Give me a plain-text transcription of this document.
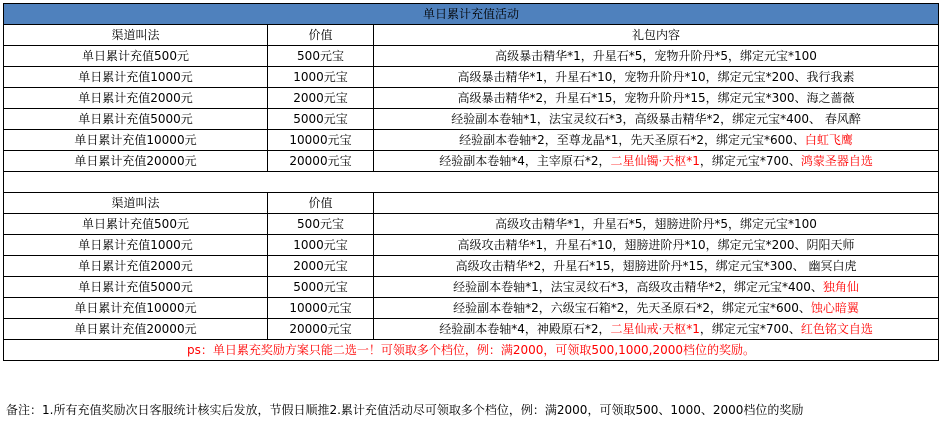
单日累计充值活动		
渠道叫法	价值	礼包内容
单日累计充值500元	500元宝	高级暴击精华*1，升星石*5，宠物升阶丹*5，绑定元宝*100
单日累计充值1000元	1000元宝	高级暴击精华*1，升星石*10，宠物升阶丹*10，绑定元宝*200、我行我素
单日累计充值2000元	2000元宝	高级暴击精华*2，升星石*15，宠物升阶丹*15，绑定元宝*300、海之蔷薇
单日累计充值5000元	5000元宝	经验副本卷轴*1，法宝灵纹石*3，高级暴击精华*2，绑定元宝*400、 春风醉
单日累计充值10000元	10000元宝	经验副本卷轴*2，至尊龙晶*1，先天圣原石*2，绑定元宝*600、白虹飞鹰
单日累计充值20000元	20000元宝	经验副本卷轴*4，主宰原石*2，二星仙镯·天枢*1，绑定元宝*700、鸿蒙圣器自选

渠道叫法	价值	
单日累计充值500元	500元宝	高级攻击精华*1，升星石*5，翅膀进阶丹*5，绑定元宝*100
单日累计充值1000元	1000元宝	高级攻击精华*1，升星石*10，翅膀进阶丹*10，绑定元宝*200、阴阳天师
单日累计充值2000元	2000元宝	高级攻击精华*2，升星石*15，翅膀进阶丹*15，绑定元宝*300、 幽冥白虎
单日累计充值5000元	5000元宝	经验副本卷轴*1，法宝灵纹石*3，高级攻击精华*2，绑定元宝*400、独角仙
单日累计充值10000元	10000元宝	经验副本卷轴*2，六级宝石箱*2，先天圣原石*2，绑定元宝*600、蚀心暗翼
单日累计充值20000元	20000元宝	经验副本卷轴*4，神殿原石*2，二星仙戒·天枢*1，绑定元宝*700、红色铭文自选
ps：单日累充奖励方案只能二选一！可领取多个档位，例：满2000，可领取500,1000,2000档位的奖励。		
备注：1.所有充值奖励次日客服统计核实后发放，节假日顺推2.累计充值活动尽可领取多个档位，例：满2000，可领取500、1000、2000档位的奖励
